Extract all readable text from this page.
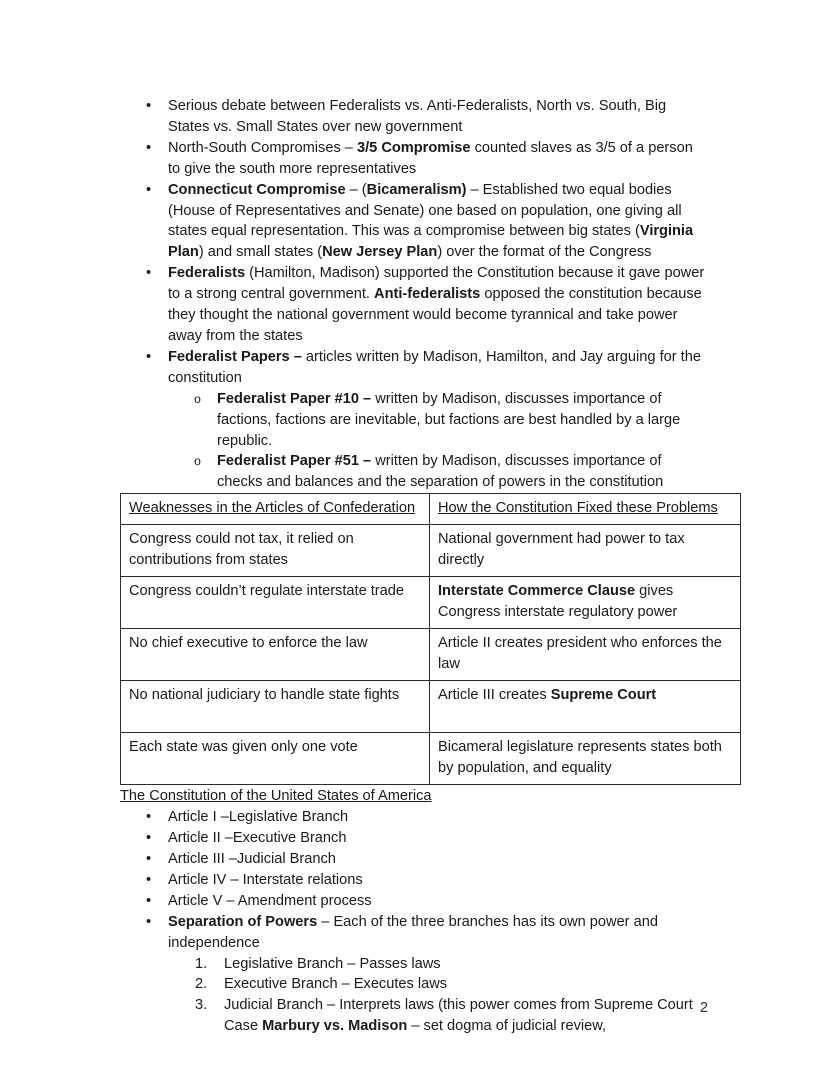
•	Serious debate between Federalists vs. Anti-Federalists, North vs. South, Big States vs. Small States over new government
•	North-South Compromises – 3/5 Compromise counted slaves as 3/5 of a person to give the south more representatives
•	Connecticut Compromise – (Bicameralism) – Established two equal bodies (House of Representatives and Senate) one based on population, one giving all states equal representation. This was a compromise between big states (Virginia Plan) and small states (New Jersey Plan) over the format of the Congress
•	Federalists (Hamilton, Madison) supported the Constitution because it gave power to a strong central government. Anti-federalists opposed the constitution because they thought the national government would become tyrannical and take power away from the states
•	Federalist Papers – articles written by Madison, Hamilton, and Jay arguing for the constitution
o	Federalist Paper #10 – written by Madison, discusses importance of factions, factions are inevitable, but factions are best handled by a large republic.
o	Federalist Paper #51 – written by Madison, discusses importance of checks and balances and the separation of powers in the constitution
Weaknesses in the Articles of Confederation	How the Constitution Fixed these Problems
Congress could not tax, it relied on contributions from states	National government had power to tax directly
Congress couldn’t regulate interstate trade	Interstate Commerce Clause gives Congress interstate regulatory power
No chief executive to enforce the law	Article II creates president who enforces the law
No national judiciary to handle state fights	Article III creates Supreme Court
Each state was given only one vote	Bicameral legislature represents states both by population, and equality
The Constitution of the United States of America
•	Article I –Legislative Branch
•	Article II –Executive Branch
•	Article III –Judicial Branch
•	Article IV – Interstate relations
•	Article V – Amendment process
•	Separation of Powers – Each of the three branches has its own power and independence
1.	Legislative Branch – Passes laws
2.	Executive Branch – Executes laws
3.	Judicial Branch – Interprets laws (this power comes from Supreme Court Case Marbury vs. Madison – set dogma of judicial review,
2
